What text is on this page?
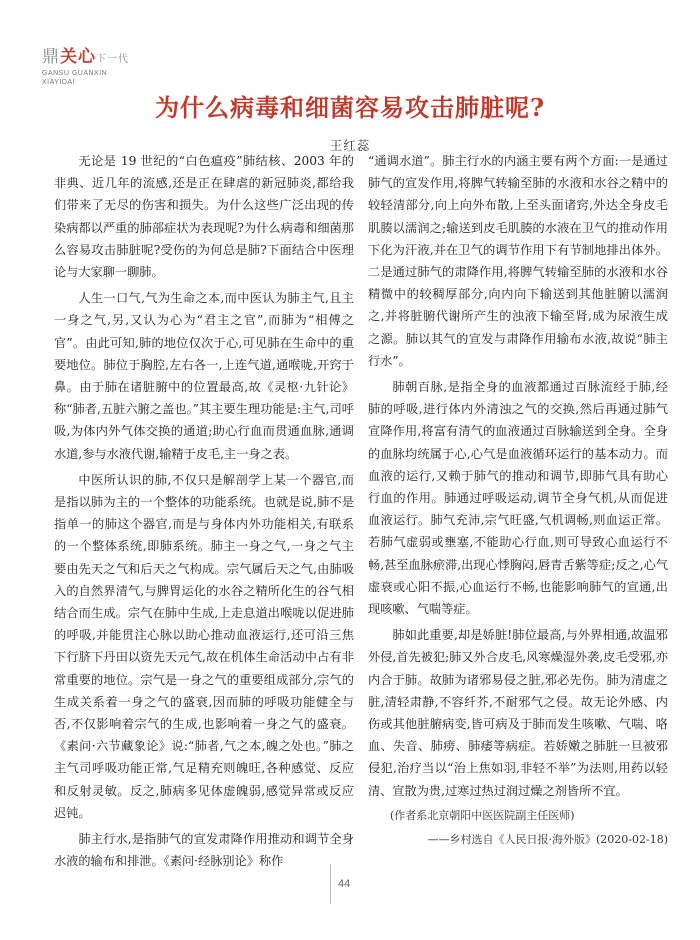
鼎关心下一代
GANSU GUANXIN
XIAYIDAI
为什么病毒和细菌容易攻击肺脏呢?
王红蕊

无论是 19 世纪的“白色瘟疫”肺结核、2003 年的非典、近几年的流感,还是正在肆虐的新冠肺炎,都给我们带来了无尽的伤害和损失。为什么这些广泛出现的传染病都以严重的肺部症状为表现呢?为什么病毒和细菌那么容易攻击肺脏呢?受伤的为何总是肺?下面结合中医理论与大家聊一聊肺。

人生一口气,气为生命之本,而中医认为肺主气,且主一身之气,另,又认为心为“君主之官”,而肺为“相傅之官”。由此可知,肺的地位仅次于心,可见肺在生命中的重要地位。肺位于胸腔,左右各一,上连气道,通喉咙,开窍于鼻。由于肺在诸脏腑中的位置最高,故《灵枢·九针论》称“肺者,五脏六腑之盖也。”其主要生理功能是:主气,司呼吸,为体内外气体交换的通道;助心行血而贯通血脉,通调水道,参与水液代谢,输精于皮毛,主一身之表。

中医所认识的肺,不仅只是解剖学上某一个器官,而是指以肺为主的一个整体的功能系统。也就是说,肺不是指单一的肺这个器官,而是与身体内外功能相关,有联系的一个整体系统,即肺系统。肺主一身之气,一身之气主要由先天之气和后天之气构成。宗气属后天之气,由肺吸入的自然界清气,与脾胃运化的水谷之精所化生的谷气相结合而生成。宗气在肺中生成,上走息道出喉咙以促进肺的呼吸,并能贯注心脉以助心推动血液运行,还可沿三焦下行脐下丹田以资先天元气,故在机体生命活动中占有非常重要的地位。宗气是一身之气的重要组成部分,宗气的生成关系着一身之气的盛衰,因而肺的呼吸功能健全与否,不仅影响着宗气的生成,也影响着一身之气的盛衰。《素问·六节藏象论》说:“肺者,气之本,魄之处也。”肺之主气司呼吸功能正常,气足精充则魄旺,各种感觉、反应和反射灵敏。反之,肺病多见体虚魄弱,感觉异常或反应迟钝。

肺主行水,是指肺气的宣发肃降作用推动和调节全身水液的输布和排泄。《素问·经脉别论》称作

“通调水道”。肺主行水的内涵主要有两个方面:一是通过肺气的宣发作用,将脾气转输至肺的水液和水谷之精中的较轻清部分,向上向外布散,上至头面诸窍,外达全身皮毛肌腠以濡润之;输送到皮毛肌腠的水液在卫气的推动作用下化为汗液,并在卫气的调节作用下有节制地排出体外。二是通过肺气的肃降作用,将脾气转输至肺的水液和水谷精微中的较稠厚部分,向内向下输送到其他脏腑以濡润之,并将脏腑代谢所产生的浊液下输至肾,成为尿液生成之源。肺以其气的宣发与肃降作用输布水液,故说“肺主行水”。

肺朝百脉,是指全身的血液都通过百脉流经于肺,经肺的呼吸,进行体内外清浊之气的交换,然后再通过肺气宣降作用,将富有清气的血液通过百脉输送到全身。全身的血脉均统属于心,心气是血液循环运行的基本动力。而血液的运行,又赖于肺气的推动和调节,即肺气具有助心行血的作用。肺通过呼吸运动,调节全身气机,从而促进血液运行。肺气充沛,宗气旺盛,气机调畅,则血运正常。若肺气虚弱或壅塞,不能助心行血,则可导致心血运行不畅,甚至血脉瘀滞,出现心悸胸闷,唇青舌紫等症;反之,心气虚衰或心阳不振,心血运行不畅,也能影响肺气的宣通,出现咳嗽、气喘等症。

肺如此重要,却是娇脏!肺位最高,与外界相通,故温邪外侵,首先被犯;肺又外合皮毛,风寒燥湿外袭,皮毛受邪,亦内合于肺。故肺为诸邪易侵之脏,邪必先伤。肺为清虚之脏,清轻肃静,不容纤芥,不耐邪气之侵。故无论外感、内伤或其他脏腑病变,皆可病及于肺而发生咳嗽、气喘、咯血、失音、肺痨、肺痿等病症。若娇嫩之肺脏一旦被邪侵犯,治疗当以“治上焦如羽,非轻不举”为法则,用药以轻清、宣散为贵,过寒过热过润过燥之剂皆所不宜。

(作者系北京朝阳中医医院副主任医师)

——乡村选自《人民日报·海外版》(2020-02-18)

44
